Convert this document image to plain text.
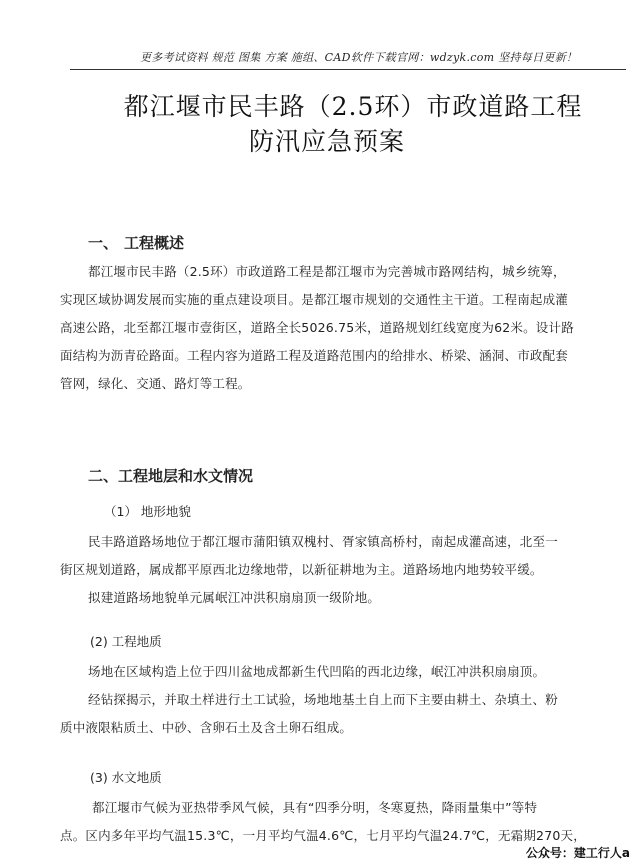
更多考试资料 规范 图集 方案 施组、CAD软件下载官网：wdzyk.com 坚持每日更新！
都江堰市民丰路（2.5环）市政道路工程
防汛应急预案
一、 工程概述
都江堰市民丰路（2.5环）市政道路工程是都江堰市为完善城市路网结构，城乡统筹，
实现区域协调发展而实施的重点建设项目。是都江堰市规划的交通性主干道。工程南起成灌
高速公路，北至都江堰市壹街区，道路全长5026.75米，道路规划红线宽度为62米。设计路
面结构为沥青砼路面。工程内容为道路工程及道路范围内的给排水、桥梁、涵洞、市政配套
管网，绿化、交通、路灯等工程。
二、工程地层和水文情况
（1） 地形地貌
民丰路道路场地位于都江堰市蒲阳镇双槐村、胥家镇高桥村，南起成灌高速，北至一
街区规划道路，属成都平原西北边缘地带，以新征耕地为主。道路场地内地势较平缓。
拟建道路场地貌单元属岷江冲洪积扇扇顶一级阶地。
(2) 工程地质
场地在区域构造上位于四川盆地成都新生代凹陷的西北边缘，岷江冲洪积扇扇顶。
经钻探揭示，并取土样进行土工试验，场地地基土自上而下主要由耕土、杂填土、粉
质中液限粘质土、中砂、含卵石土及含土卵石组成。
(3) 水文地质
都江堰市气候为亚热带季风气候，具有“四季分明，冬寒夏热，降雨量集中”等特
点。区内多年平均气温15.3℃，一月平均气温4.6℃，七月平均气温24.7℃，无霜期270天，
公众号：建工行人a
